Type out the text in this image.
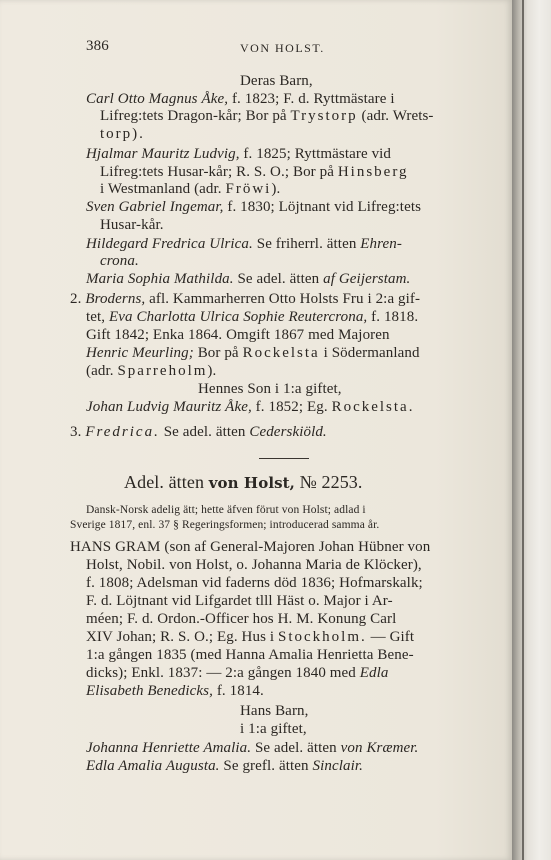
386	VON HOLST.
Deras Barn,
Carl Otto Magnus Åke, f. 1823; F. d. Ryttmästare i
Lifreg:tets Dragon-kår; Bor på Trystorp (adr. Wrets-
torp).
Hjalmar Mauritz Ludvig, f. 1825; Ryttmästare vid
Lifreg:tets Husar-kår; R. S. O.; Bor på Hinsberg
i Westmanland (adr. Fröwi).
Sven Gabriel Ingemar, f. 1830; Löjtnant vid Lifreg:tets
Husar-kår.
Hildegard Fredrica Ulrica. Se friherrl. ätten Ehren-
crona.
Maria Sophia Mathilda. Se adel. ätten af Geijerstam.
2. Broderns, afl. Kammarherren Otto Holsts Fru i 2:a gif-
tet, Eva Charlotta Ulrica Sophie Reutercrona, f. 1818.
Gift 1842; Enka 1864. Omgift 1867 med Majoren
Henric Meurling; Bor på Rockelsta i Södermanland
(adr. Sparreholm).
Hennes Son i 1:a giftet,
Johan Ludvig Mauritz Åke, f. 1852; Eg. Rockelsta.
3. Fredrica. Se adel. ätten Cederskiöld.
Adel. ätten von Holst, № 2253.
Dansk-Norsk adelig ätt; hette äfven förut von Holst; adlad i
Sverige 1817, enl. 37 § Regeringsformen; introducerad samma år.
HANS GRAM (son af General-Majoren Johan Hübner von
Holst, Nobil. von Holst, o. Johanna Maria de Klöcker),
f. 1808; Adelsman vid faderns död 1836; Hofmarskalk;
F. d. Löjtnant vid Lifgardet tlll Häst o. Major i Ar-
méen; F. d. Ordon.-Officer hos H. M. Konung Carl
XIV Johan; R. S. O.; Eg. Hus i Stockholm. — Gift
1:a gången 1835 (med Hanna Amalia Henrietta Bene-
dicks); Enkl. 1837: — 2:a gången 1840 med Edla
Elisabeth Benedicks, f. 1814.
Hans Barn,
i 1:a giftet,
Johanna Henriette Amalia. Se adel. ätten von Kræmer.
Edla Amalia Augusta. Se grefl. ätten Sinclair.
